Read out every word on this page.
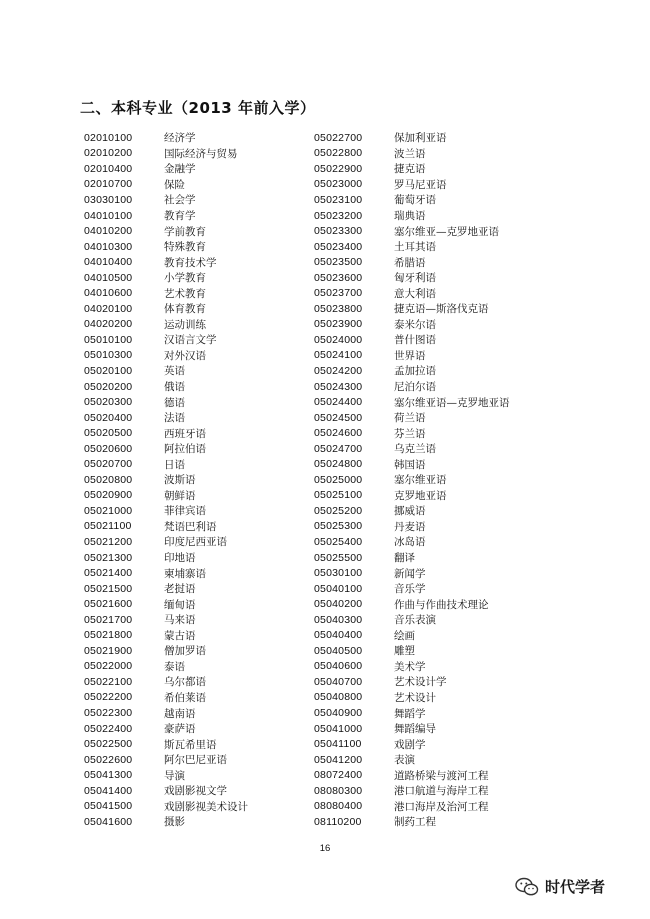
二、本科专业（2013 年前入学）
02010100	经济学
02010200	国际经济与贸易
02010400	金融学
02010700	保险
03030100	社会学
04010100	教育学
04010200	学前教育
04010300	特殊教育
04010400	教育技术学
04010500	小学教育
04010600	艺术教育
04020100	体育教育
04020200	运动训练
05010100	汉语言文学
05010300	对外汉语
05020100	英语
05020200	俄语
05020300	德语
05020400	法语
05020500	西班牙语
05020600	阿拉伯语
05020700	日语
05020800	波斯语
05020900	朝鲜语
05021000	菲律宾语
05021100	梵语巴利语
05021200	印度尼西亚语
05021300	印地语
05021400	柬埔寨语
05021500	老挝语
05021600	缅甸语
05021700	马来语
05021800	蒙古语
05021900	僧加罗语
05022000	泰语
05022100	乌尔都语
05022200	希伯莱语
05022300	越南语
05022400	豪萨语
05022500	斯瓦希里语
05022600	阿尔巴尼亚语
05041300	导演
05041400	戏剧影视文学
05041500	戏剧影视美术设计
05041600	摄影
05022700	保加利亚语
05022800	波兰语
05022900	捷克语
05023000	罗马尼亚语
05023100	葡萄牙语
05023200	瑞典语
05023300	塞尔维亚—克罗地亚语
05023400	土耳其语
05023500	希腊语
05023600	匈牙利语
05023700	意大利语
05023800	捷克语—斯洛伐克语
05023900	泰米尔语
05024000	普什图语
05024100	世界语
05024200	孟加拉语
05024300	尼泊尔语
05024400	塞尔维亚语—克罗地亚语
05024500	荷兰语
05024600	芬兰语
05024700	乌克兰语
05024800	韩国语
05025000	塞尔维亚语
05025100	克罗地亚语
05025200	挪威语
05025300	丹麦语
05025400	冰岛语
05025500	翻译
05030100	新闻学
05040100	音乐学
05040200	作曲与作曲技术理论
05040300	音乐表演
05040400	绘画
05040500	雕塑
05040600	美术学
05040700	艺术设计学
05040800	艺术设计
05040900	舞蹈学
05041000	舞蹈编导
05041100	戏剧学
05041200	表演
08072400	道路桥梁与渡河工程
08080300	港口航道与海岸工程
08080400	港口海岸及治河工程
08110200	制药工程
16
时代学者
